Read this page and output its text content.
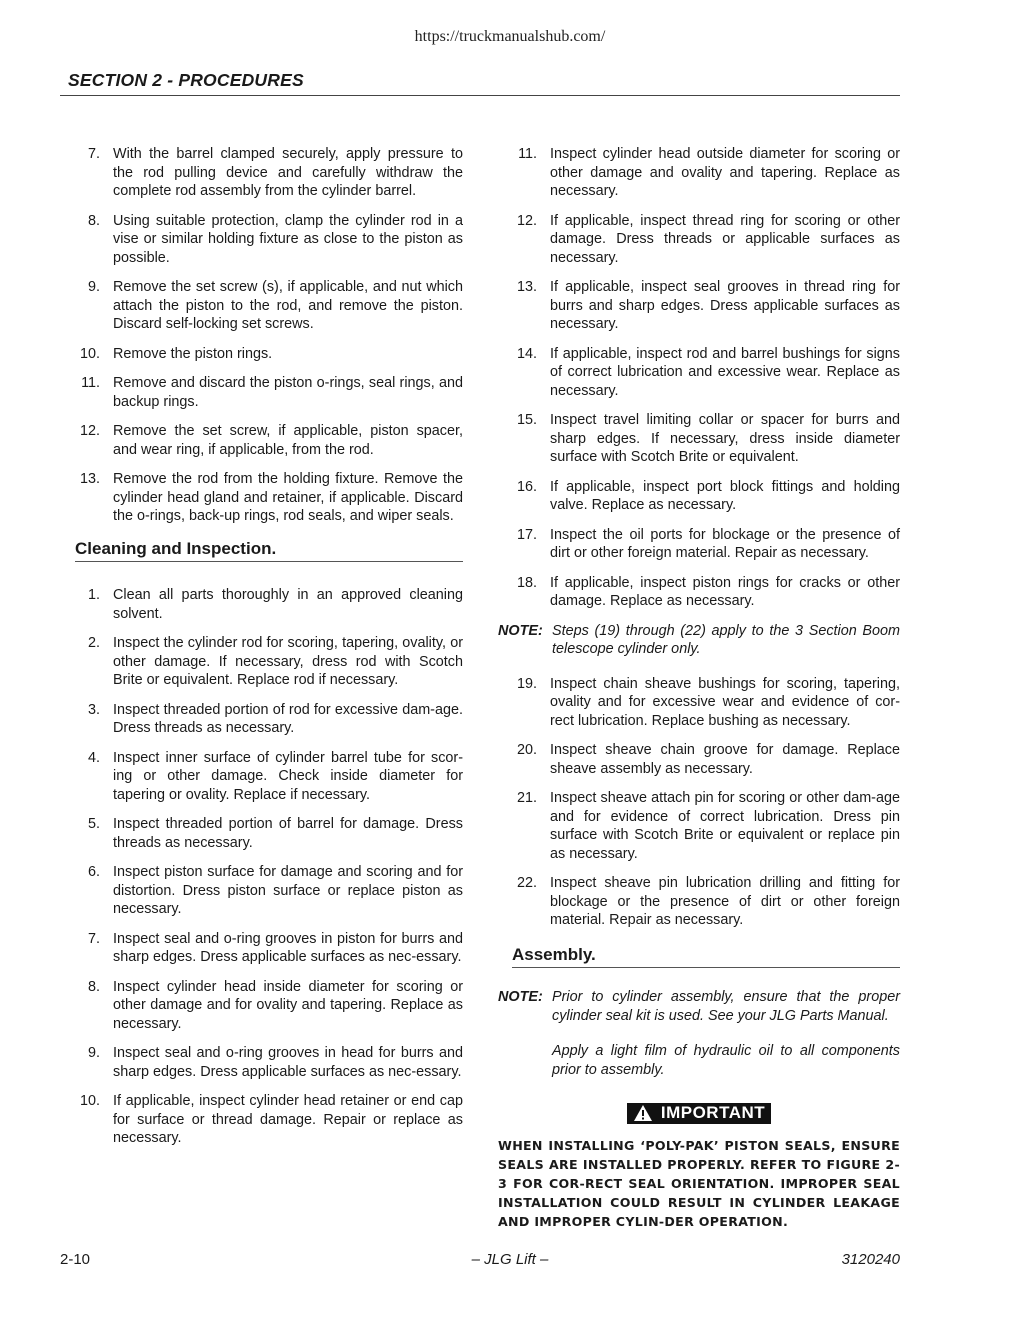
https://truckmanualshub.com/
SECTION 2 - PROCEDURES
7. With the barrel clamped securely, apply pressure to the rod pulling device and carefully withdraw the complete rod assembly from the cylinder barrel.
8. Using suitable protection, clamp the cylinder rod in a vise or similar holding fixture as close to the piston as possible.
9. Remove the set screw (s), if applicable, and nut which attach the piston to the rod, and remove the piston. Discard self-locking set screws.
10. Remove the piston rings.
11. Remove and discard the piston o-rings, seal rings, and backup rings.
12. Remove the set screw, if applicable, piston spacer, and wear ring, if applicable, from the rod.
13. Remove the rod from the holding fixture. Remove the cylinder head gland and retainer, if applicable. Discard the o-rings, back-up rings, rod seals, and wiper seals.
Cleaning and Inspection.
1. Clean all parts thoroughly in an approved cleaning solvent.
2. Inspect the cylinder rod for scoring, tapering, ovality, or other damage. If necessary, dress rod with Scotch Brite or equivalent. Replace rod if necessary.
3. Inspect threaded portion of rod for excessive dam-age. Dress threads as necessary.
4. Inspect inner surface of cylinder barrel tube for scor-ing or other damage. Check inside diameter for tapering or ovality. Replace if necessary.
5. Inspect threaded portion of barrel for damage. Dress threads as necessary.
6. Inspect piston surface for damage and scoring and for distortion. Dress piston surface or replace piston as necessary.
7. Inspect seal and o-ring grooves in piston for burrs and sharp edges. Dress applicable surfaces as nec-essary.
8. Inspect cylinder head inside diameter for scoring or other damage and for ovality and tapering. Replace as necessary.
9. Inspect seal and o-ring grooves in head for burrs and sharp edges. Dress applicable surfaces as nec-essary.
10. If applicable, inspect cylinder head retainer or end cap for surface or thread damage. Repair or replace as necessary.
11. Inspect cylinder head outside diameter for scoring or other damage and ovality and tapering. Replace as necessary.
12. If applicable, inspect thread ring for scoring or other damage. Dress threads or applicable surfaces as necessary.
13. If applicable, inspect seal grooves in thread ring for burrs and sharp edges. Dress applicable surfaces as necessary.
14. If applicable, inspect rod and barrel bushings for signs of correct lubrication and excessive wear. Replace as necessary.
15. Inspect travel limiting collar or spacer for burrs and sharp edges. If necessary, dress inside diameter surface with Scotch Brite or equivalent.
16. If applicable, inspect port block fittings and holding valve. Replace as necessary.
17. Inspect the oil ports for blockage or the presence of dirt or other foreign material. Repair as necessary.
18. If applicable, inspect piston rings for cracks or other damage. Replace as necessary.
NOTE: Steps (19) through (22) apply to the 3 Section Boom telescope cylinder only.
19. Inspect chain sheave bushings for scoring, tapering, ovality and for excessive wear and evidence of cor-rect lubrication. Replace bushing as necessary.
20. Inspect sheave chain groove for damage. Replace sheave assembly as necessary.
21. Inspect sheave attach pin for scoring or other dam-age and for evidence of correct lubrication. Dress pin surface with Scotch Brite or equivalent or replace pin as necessary.
22. Inspect sheave pin lubrication drilling and fitting for blockage or the presence of dirt or other foreign material. Repair as necessary.
Assembly.
NOTE: Prior to cylinder assembly, ensure that the proper cylinder seal kit is used. See your JLG Parts Manual.

Apply a light film of hydraulic oil to all components prior to assembly.

IMPORTANT
WHEN INSTALLING ‘POLY-PAK’ PISTON SEALS, ENSURE SEALS ARE INSTALLED PROPERLY. REFER TO FIGURE 2-3 FOR COR-RECT SEAL ORIENTATION. IMPROPER SEAL INSTALLATION COULD RESULT IN CYLINDER LEAKAGE AND IMPROPER CYLIN-DER OPERATION.
2-10	– JLG Lift –	3120240
